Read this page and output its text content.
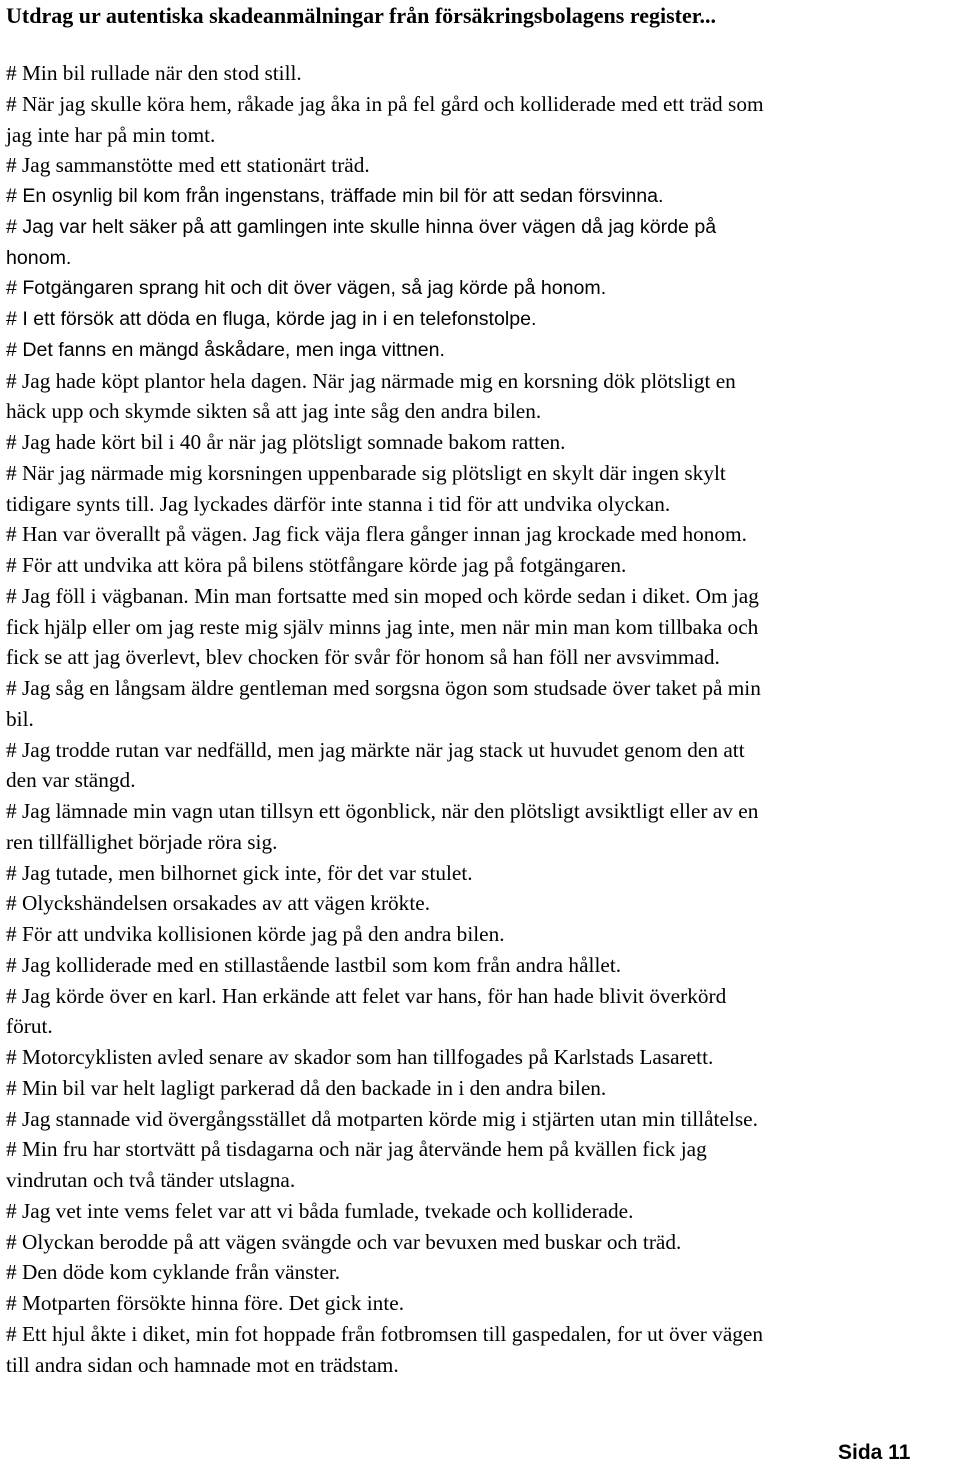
Utdrag ur autentiska skadeanmälningar från försäkringsbolagens register...

# Min bil rullade när den stod still.

# När jag skulle köra hem, råkade jag åka in på fel gård och kolliderade med ett träd som

jag inte har på min tomt.

# Jag sammanstötte med ett stationärt träd.

# En osynlig bil kom från ingenstans, träffade min bil för att sedan försvinna.

# Jag var helt säker på att gamlingen inte skulle hinna över vägen då jag körde på

honom.

# Fotgängaren sprang hit och dit över vägen, så jag körde på honom.

# I ett försök att döda en fluga, körde jag in i en telefonstolpe.

# Det fanns en mängd åskådare, men inga vittnen.

# Jag hade köpt plantor hela dagen. När jag närmade mig en korsning dök plötsligt en

häck upp och skymde sikten så att jag inte såg den andra bilen.

# Jag hade kört bil i 40 år när jag plötsligt somnade bakom ratten.

# När jag närmade mig korsningen uppenbarade sig plötsligt en skylt där ingen skylt

tidigare synts till. Jag lyckades därför inte stanna i tid för att undvika olyckan.

# Han var överallt på vägen. Jag fick väja flera gånger innan jag krockade med honom.

# För att undvika att köra på bilens stötfångare körde jag på fotgängaren.

# Jag föll i vägbanan. Min man fortsatte med sin moped och körde sedan i diket. Om jag

fick hjälp eller om jag reste mig själv minns jag inte, men när min man kom tillbaka och

fick se att jag överlevt, blev chocken för svår för honom så han föll ner avsvimmad.

# Jag såg en långsam äldre gentleman med sorgsna ögon som studsade över taket på min

bil.

# Jag trodde rutan var nedfälld, men jag märkte när jag stack ut huvudet genom den att

den var stängd.

# Jag lämnade min vagn utan tillsyn ett ögonblick, när den plötsligt avsiktligt eller av en

ren tillfällighet började röra sig.

# Jag tutade, men bilhornet gick inte, för det var stulet.

# Olyckshändelsen orsakades av att vägen krökte.

# För att undvika kollisionen körde jag på den andra bilen.

# Jag kolliderade med en stillastående lastbil som kom från andra hållet.

# Jag körde över en karl. Han erkände att felet var hans, för han hade blivit överkörd

förut.

# Motorcyklisten avled senare av skador som han tillfogades på Karlstads Lasarett.

# Min bil var helt lagligt parkerad då den backade in i den andra bilen.

# Jag stannade vid övergångsstället då motparten körde mig i stjärten utan min tillåtelse.

# Min fru har stortvätt på tisdagarna och när jag återvände hem på kvällen fick jag

vindrutan och två tänder utslagna.

# Jag vet inte vems felet var att vi båda fumlade, tvekade och kolliderade.

# Olyckan berodde på att vägen svängde och var bevuxen med buskar och träd.

# Den döde kom cyklande från vänster.

# Motparten försökte hinna före. Det gick inte.

# Ett hjul åkte i diket, min fot hoppade från fotbromsen till gaspedalen, for ut över vägen

till andra sidan och hamnade mot en trädstam.

Sida 11
